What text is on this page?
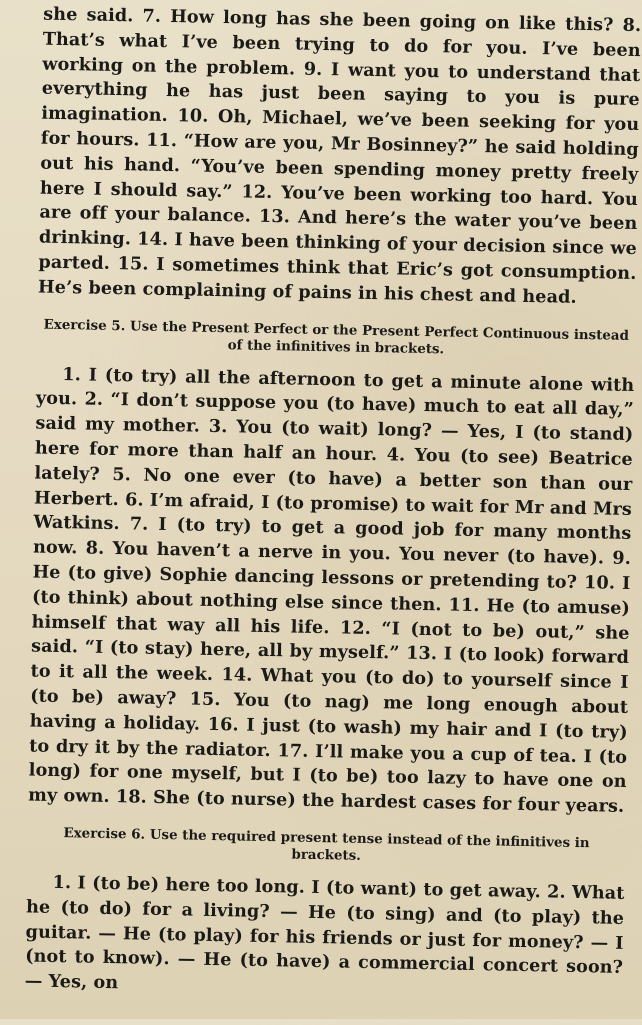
she said. 7. How long has she been going on like this? 8. That’s what I’ve been trying to do for you. I’ve been working on the problem. 9. I want you to understand that everything he has just been saying to you is pure imagination. 10. Oh, Michael, we’ve been seeking for you for hours. 11. “How are you, Mr Bosinney?” he said holding out his hand. “You’ve been spending money pretty freely here I should say.” 12. You’ve been working too hard. You are off your balance. 13. And here’s the water you’ve been drinking. 14. I have been thinking of your decision since we parted. 15. I sometimes think that Eric’s got consumption. He’s been complaining of pains in his chest and head.

Exercise 5. Use the Present Perfect or the Present Perfect Continuous instead of the infinitives in brackets.

1. I (to try) all the afternoon to get a minute alone with you. 2. “I don’t suppose you (to have) much to eat all day,” said my mother. 3. You (to wait) long? — Yes, I (to stand) here for more than half an hour. 4. You (to see) Beatrice lately? 5. No one ever (to have) a better son than our Herbert. 6. I’m afraid, I (to promise) to wait for Mr and Mrs Watkins. 7. I (to try) to get a good job for many months now. 8. You haven’t a nerve in you. You never (to have). 9. He (to give) Sophie dancing lessons or pretending to? 10. I (to think) about nothing else since then. 11. He (to amuse) himself that way all his life. 12. “I (not to be) out,” she said. “I (to stay) here, all by myself.” 13. I (to look) forward to it all the week. 14. What you (to do) to yourself since I (to be) away? 15. You (to nag) me long enough about having a holiday. 16. I just (to wash) my hair and I (to try) to dry it by the radiator. 17. I’ll make you a cup of tea. I (to long) for one myself, but I (to be) too lazy to have one on my own. 18. She (to nurse) the hardest cases for four years.

Exercise 6. Use the required present tense instead of the infinitives in brackets.

1. I (to be) here too long. I (to want) to get away. 2. What he (to do) for a living? — He (to sing) and (to play) the guitar. — He (to play) for his friends or just for money? — I (not to know). — He (to have) a commercial concert soon? — Yes, on
